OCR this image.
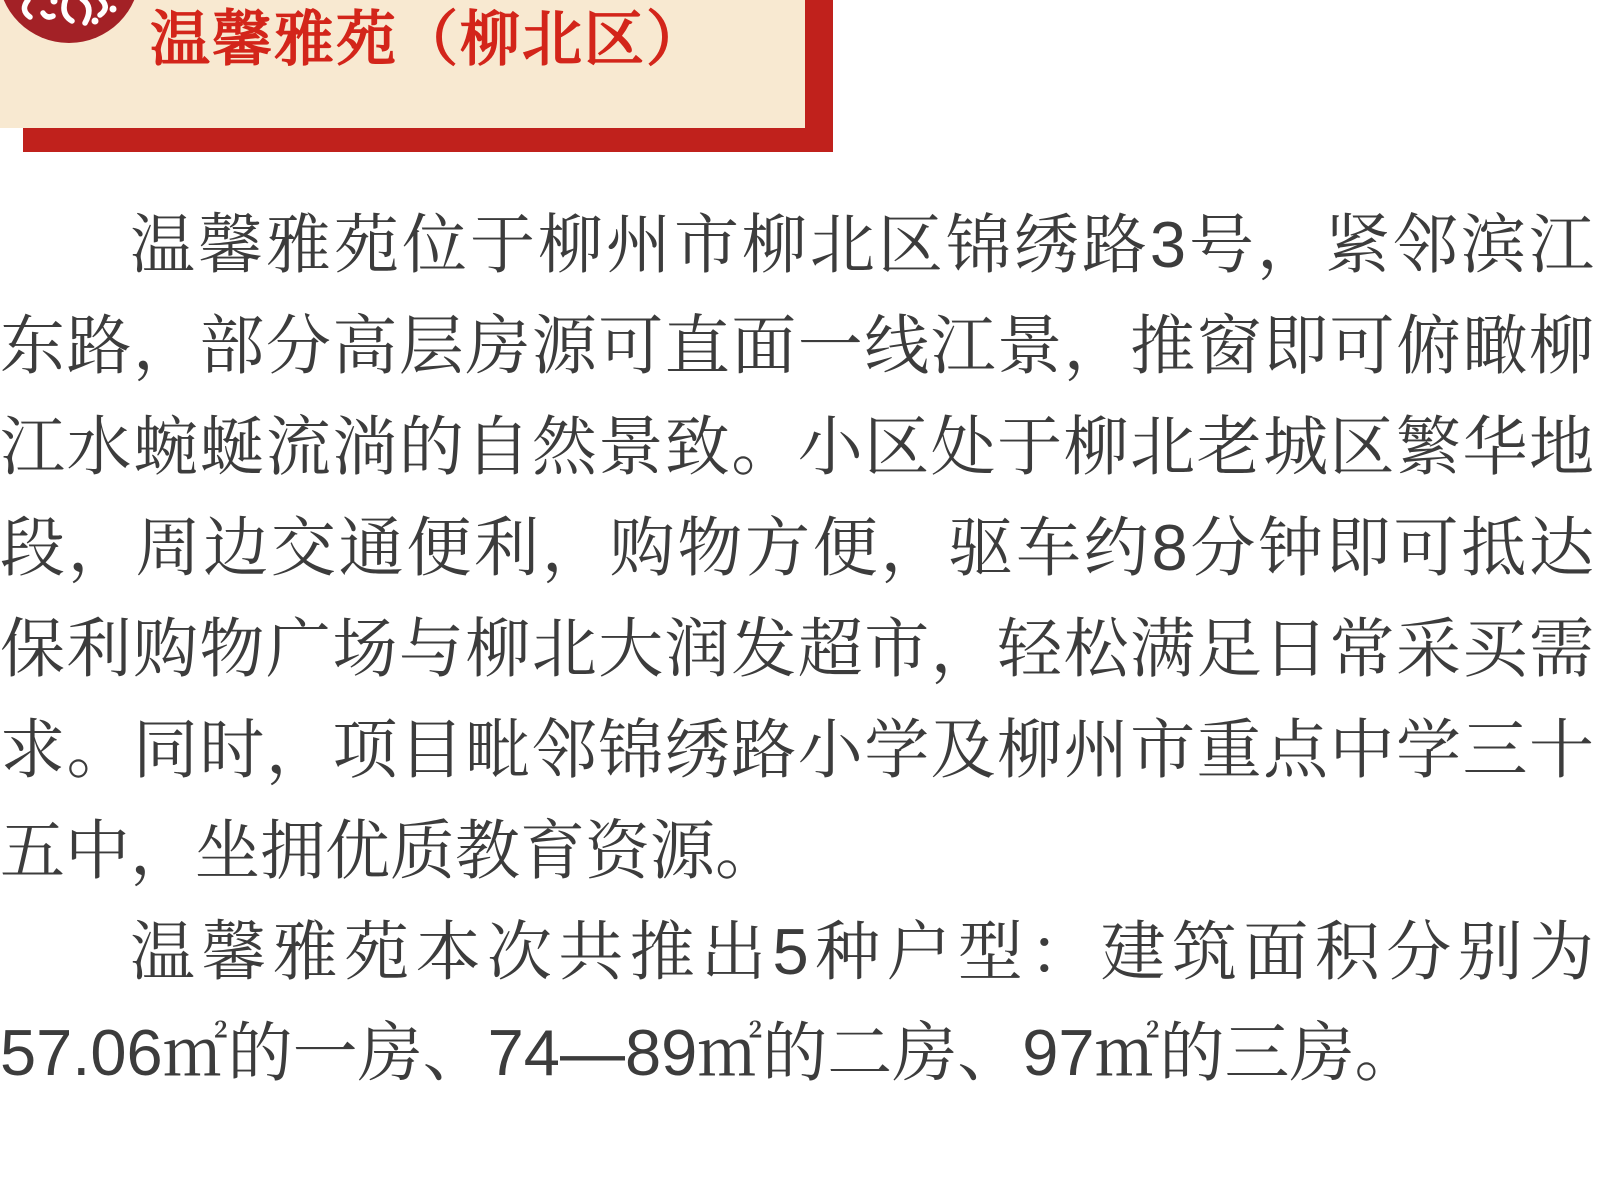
温馨雅苑（柳北区）

温馨雅苑位于柳州市柳北区锦绣路3号，紧邻滨江东路，部分高层房源可直面一线江景，推窗即可俯瞰柳江水蜿蜒流淌的自然景致。小区处于柳北老城区繁华地段，周边交通便利，购物方便，驱车约8分钟即可抵达保利购物广场与柳北大润发超市，轻松满足日常采买需求。同时，项目毗邻锦绣路小学及柳州市重点中学三十五中，坐拥优质教育资源。

温馨雅苑本次共推出5种户型：建筑面积分别为57.06㎡的一房、74—89㎡的二房、97㎡的三房。
